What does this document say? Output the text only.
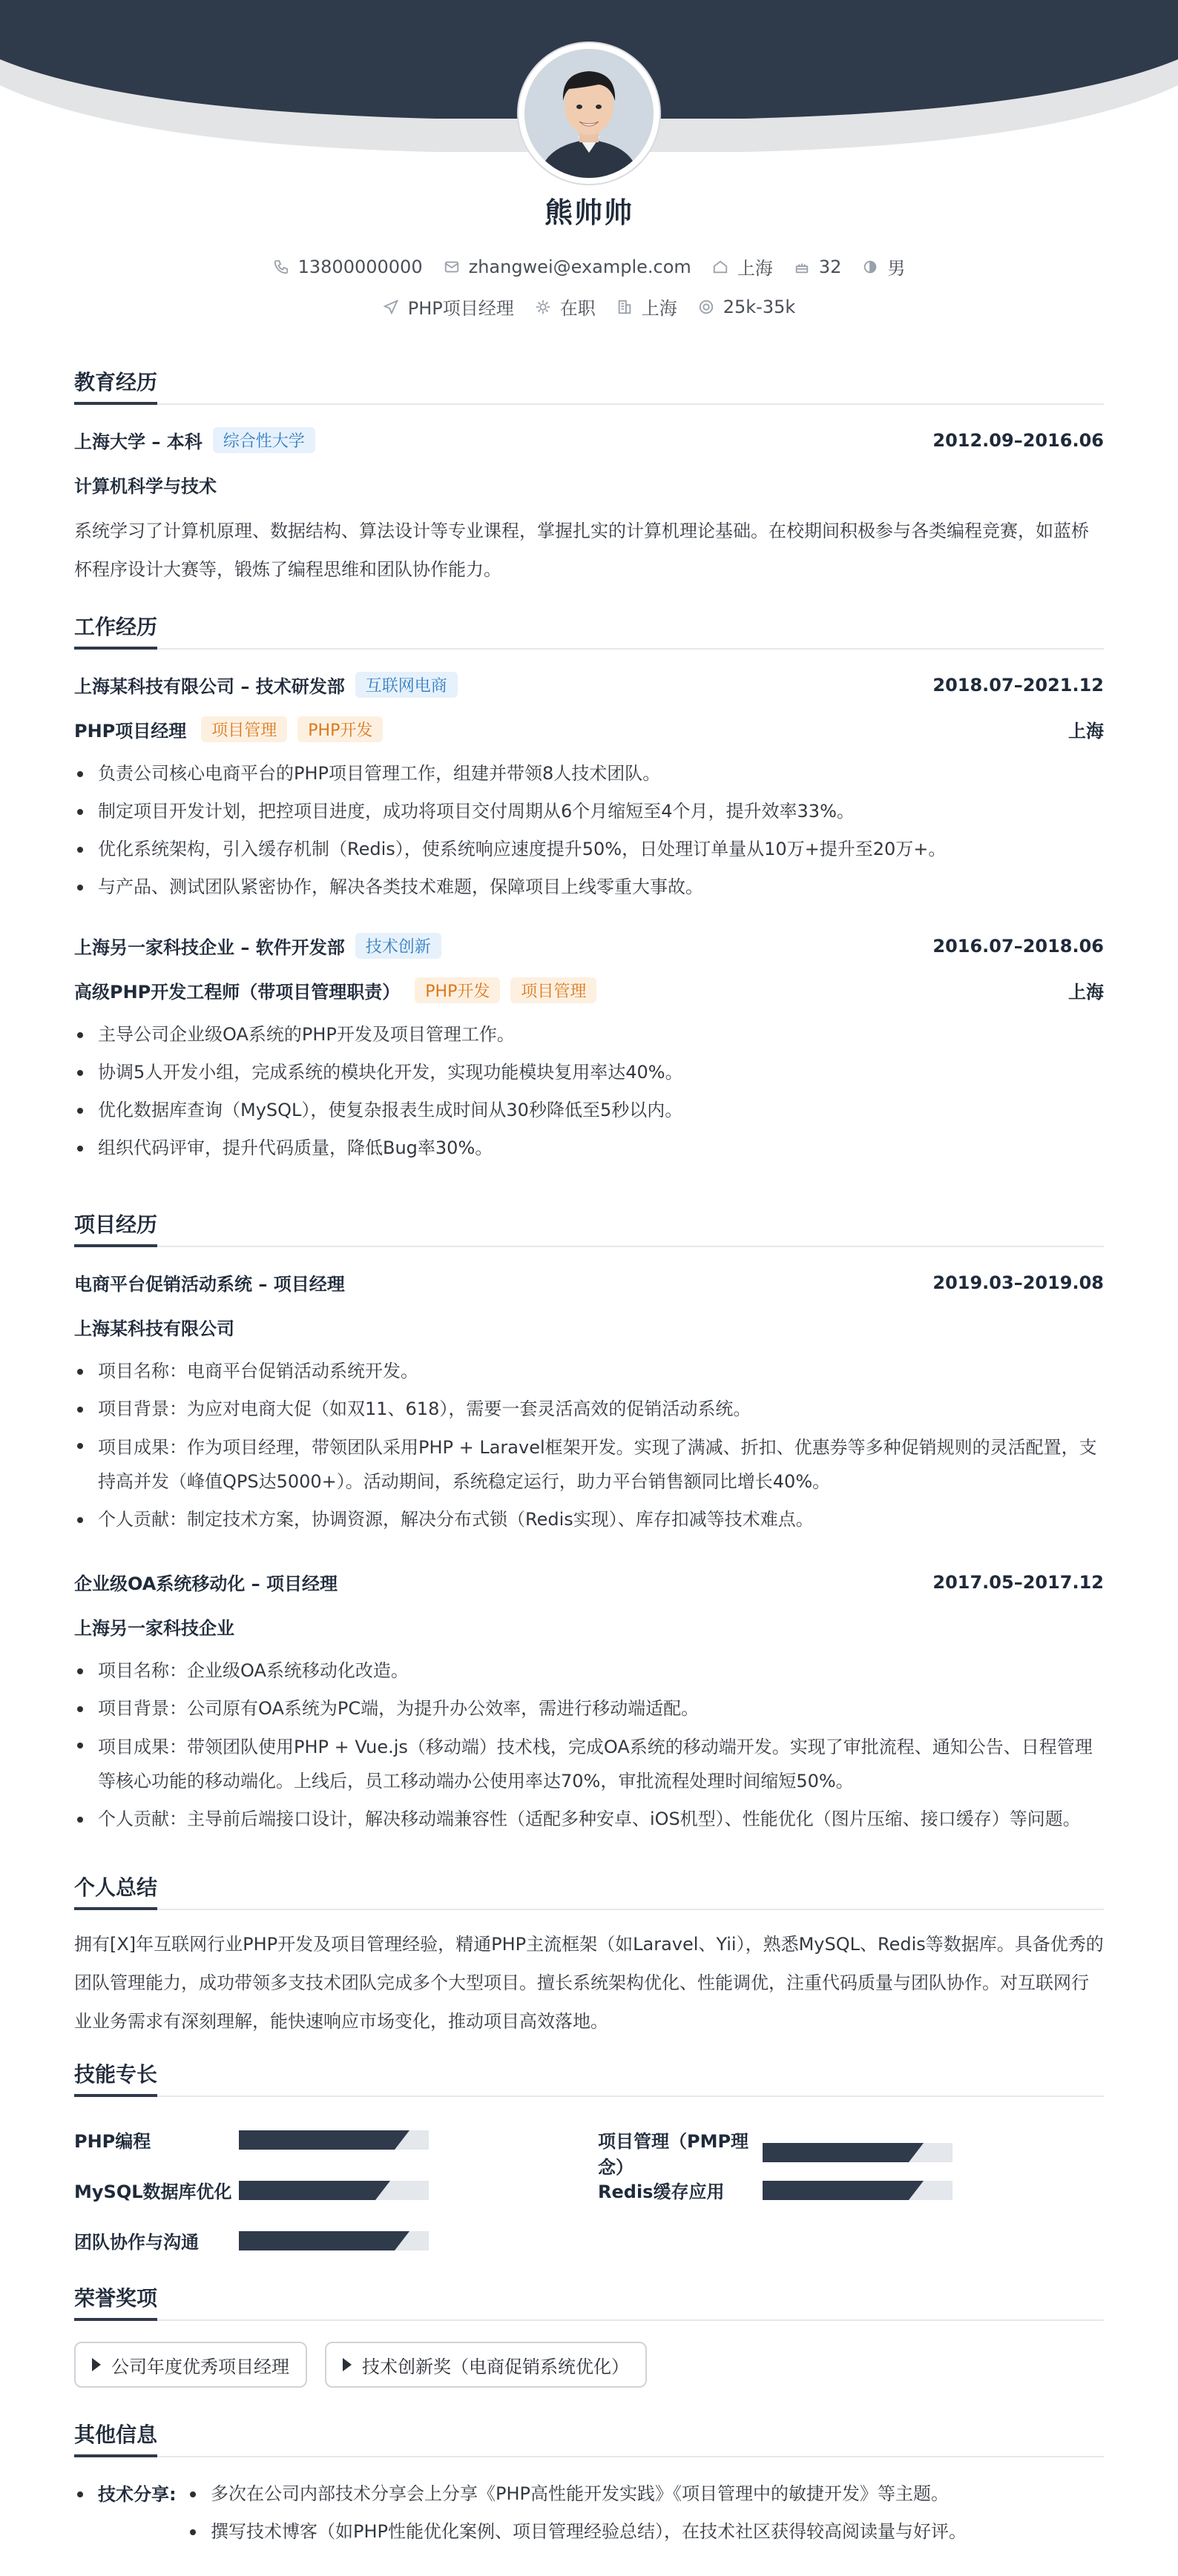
熊帅帅
13800000000	zhangwei@example.com	上海	32	男
PHP项目经理	在职	上海	25k-35k
教育经历
上海大学 – 本科	综合性大学	2012.09–2016.06
计算机科学与技术
系统学习了计算机原理、数据结构、算法设计等专业课程，掌握扎实的计算机理论基础。在校期间积极参与各类编程竞赛，如蓝桥杯程序设计大赛等，锻炼了编程思维和团队协作能力。
工作经历
上海某科技有限公司 – 技术研发部	互联网电商	2018.07–2021.12
PHP项目经理	项目管理	PHP开发	上海
负责公司核心电商平台的PHP项目管理工作，组建并带领8人技术团队。
制定项目开发计划，把控项目进度，成功将项目交付周期从6个月缩短至4个月，提升效率33%。
优化系统架构，引入缓存机制（Redis），使系统响应速度提升50%，日处理订单量从10万+提升至20万+。
与产品、测试团队紧密协作，解决各类技术难题，保障项目上线零重大事故。
上海另一家科技企业 – 软件开发部	技术创新	2016.07–2018.06
高级PHP开发工程师（带项目管理职责）	PHP开发	项目管理	上海
主导公司企业级OA系统的PHP开发及项目管理工作。
协调5人开发小组，完成系统的模块化开发，实现功能模块复用率达40%。
优化数据库查询（MySQL），使复杂报表生成时间从30秒降低至5秒以内。
组织代码评审，提升代码质量，降低Bug率30%。
项目经历
电商平台促销活动系统 – 项目经理	2019.03–2019.08
上海某科技有限公司
项目名称：电商平台促销活动系统开发。
项目背景：为应对电商大促（如双11、618），需要一套灵活高效的促销活动系统。
项目成果：作为项目经理，带领团队采用PHP + Laravel框架开发。实现了满减、折扣、优惠券等多种促销规则的灵活配置，支持高并发（峰值QPS达5000+）。活动期间，系统稳定运行，助力平台销售额同比增长40%。
个人贡献：制定技术方案，协调资源，解决分布式锁（Redis实现）、库存扣减等技术难点。
企业级OA系统移动化 – 项目经理	2017.05–2017.12
上海另一家科技企业
项目名称：企业级OA系统移动化改造。
项目背景：公司原有OA系统为PC端，为提升办公效率，需进行移动端适配。
项目成果：带领团队使用PHP + Vue.js（移动端）技术栈，完成OA系统的移动端开发。实现了审批流程、通知公告、日程管理等核心功能的移动端化。上线后，员工移动端办公使用率达70%，审批流程处理时间缩短50%。
个人贡献：主导前后端接口设计，解决移动端兼容性（适配多种安卓、iOS机型）、性能优化（图片压缩、接口缓存）等问题。
个人总结
拥有[X]年互联网行业PHP开发及项目管理经验，精通PHP主流框架（如Laravel、Yii），熟悉MySQL、Redis等数据库。具备优秀的团队管理能力，成功带领多支技术团队完成多个大型项目。擅长系统架构优化、性能调优，注重代码质量与团队协作。对互联网行业业务需求有深刻理解，能快速响应市场变化，推动项目高效落地。
技能专长
PHP编程	项目管理（PMP理念）
MySQL数据库优化	Redis缓存应用
团队协作与沟通
荣誉奖项
公司年度优秀项目经理	技术创新奖（电商促销系统优化）
其他信息
技术分享:	多次在公司内部技术分享会上分享《PHP高性能开发实践》《项目管理中的敏捷开发》等主题。
撰写技术博客（如PHP性能优化案例、项目管理经验总结），在技术社区获得较高阅读量与好评。
